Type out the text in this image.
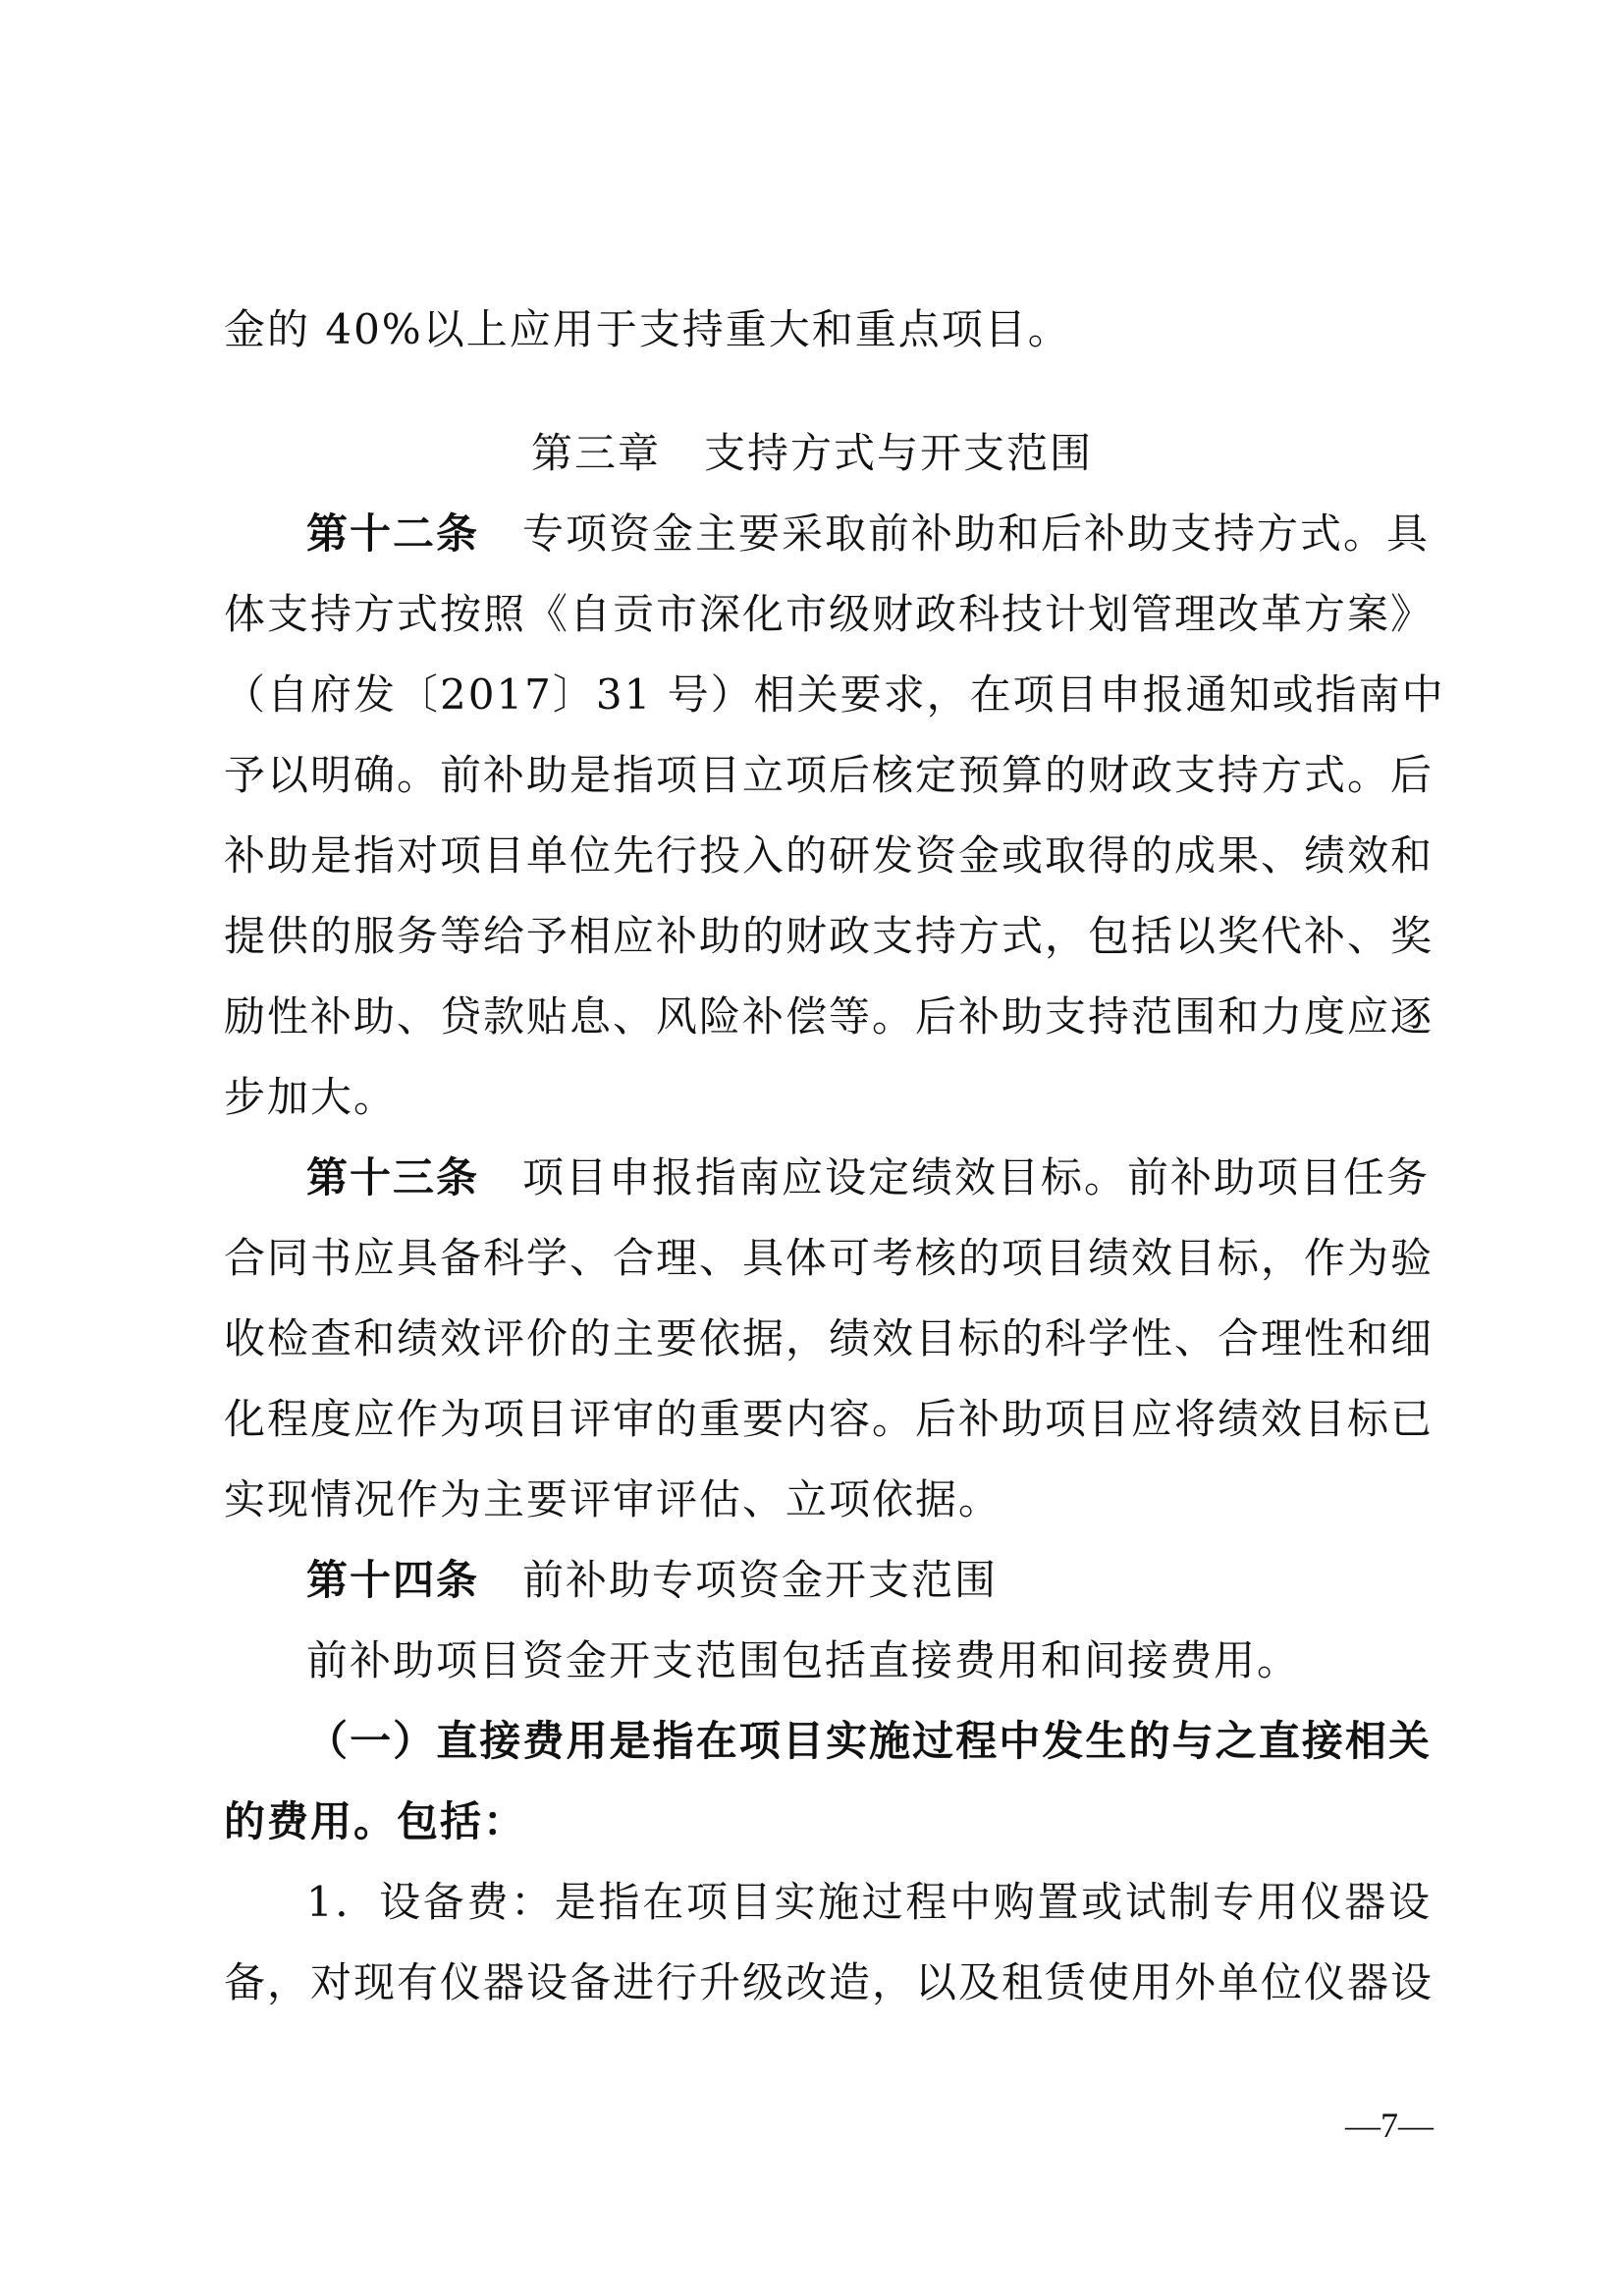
金的 40%以上应用于支持重大和重点项目。
第三章　支持方式与开支范围
第十二条 专项资金主要采取前补助和后补助支持方式。具
体支持方式按照《自贡市深化市级财政科技计划管理改革方案》
（自府发〔2017〕31 号）相关要求，在项目申报通知或指南中
予以明确。前补助是指项目立项后核定预算的财政支持方式。后
补助是指对项目单位先行投入的研发资金或取得的成果、绩效和
提供的服务等给予相应补助的财政支持方式，包括以奖代补、奖
励性补助、贷款贴息、风险补偿等。后补助支持范围和力度应逐
步加大。
第十三条 项目申报指南应设定绩效目标。前补助项目任务
合同书应具备科学、合理、具体可考核的项目绩效目标，作为验
收检查和绩效评价的主要依据，绩效目标的科学性、合理性和细
化程度应作为项目评审的重要内容。后补助项目应将绩效目标已
实现情况作为主要评审评估、立项依据。
第十四条 前补助专项资金开支范围
前补助项目资金开支范围包括直接费用和间接费用。
（一）直接费用是指在项目实施过程中发生的与之直接相关
的费用。包括：
1．设备费：是指在项目实施过程中购置或试制专用仪器设
备，对现有仪器设备进行升级改造，以及租赁使用外单位仪器设
—7—
